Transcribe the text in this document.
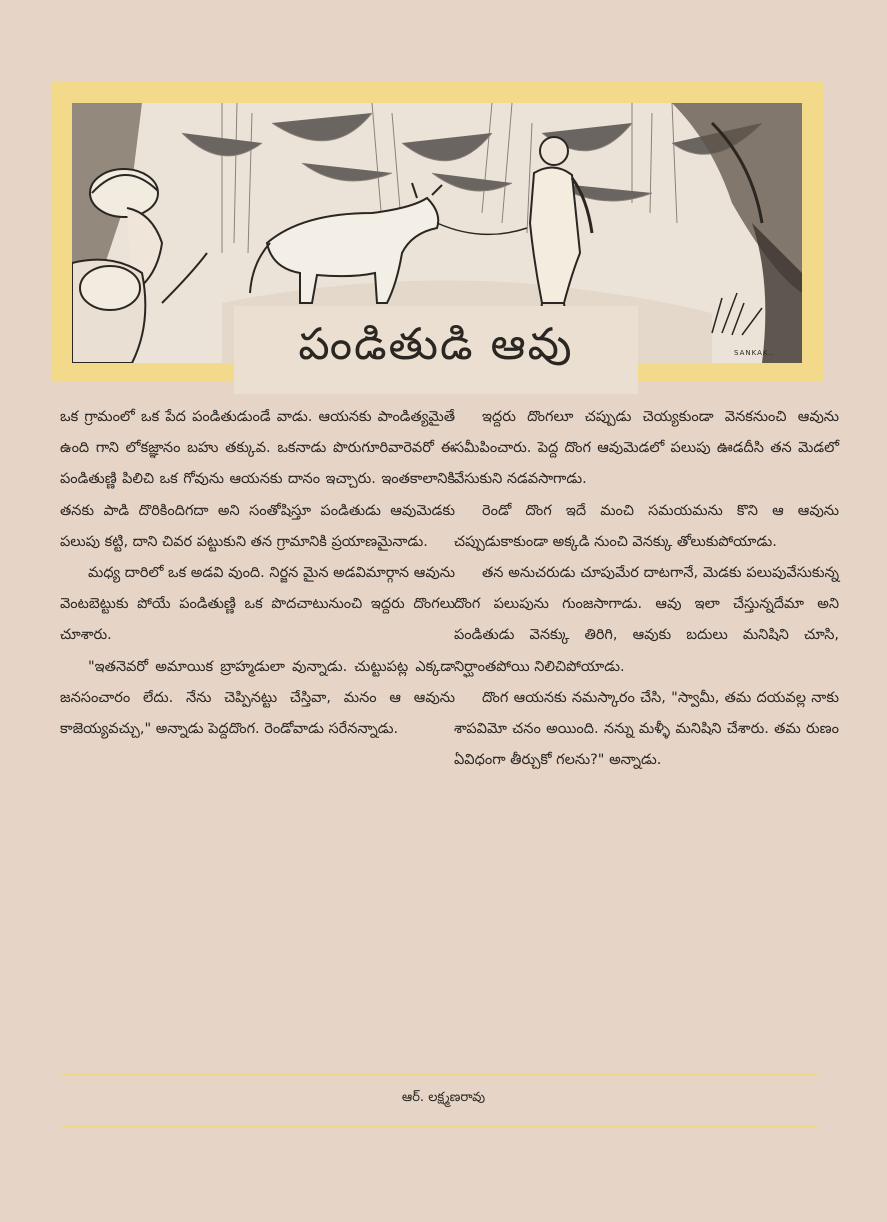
పండితుడి ఆవు	SANKAK..

ఒక గ్రామంలో ఒక పేద పండితుడుండే వాడు. ఆయనకు పాండిత్యమైతే ఉంది గాని లోకజ్ఞానం బహు తక్కువ. ఒకనాడు పొరుగూరివారెవరో ఈ పండితుణ్ణి పిలిచి ఒక గోవును ఆయనకు దానం ఇచ్చారు. ఇంతకాలానికి తనకు పాడి దొరికిందిగదా అని సంతోషిస్తూ పండితుడు ఆవుమెడకు పలుపు కట్టి, దాని చివర పట్టుకుని తన గ్రామానికి ప్రయాణమైనాడు.

మధ్య దారిలో ఒక అడవి వుంది. నిర్జన మైన అడవిమార్గాన ఆవును వెంటబెట్టుకు పోయే పండితుణ్ణి ఒక పొదచాటునుంచి ఇద్దరు దొంగలు చూశారు.

"ఇతనెవరో అమాయిక బ్రాహ్మడులా వున్నాడు. చుట్టుపట్ల ఎక్కడా జనసంచారం లేదు. నేను చెప్పినట్టు చేస్తివా, మనం ఆ ఆవును కాజెయ్యవచ్చు," అన్నాడు పెద్దదొంగ. రెండోవాడు సరేనన్నాడు.

ఇద్దరు దొంగలూ చప్పుడు చెయ్యకుండా వెనకనుంచి ఆవును సమీపించారు. పెద్ద దొంగ ఆవుమెడలో పలుపు ఊడదీసి తన మెడలో వేసుకుని నడవసాగాడు.

రెండో దొంగ ఇదే మంచి సమయమను కొని ఆ ఆవును చప్పుడుకాకుండా అక్కడి నుంచి వెనక్కు తోలుకుపోయాడు.

తన అనుచరుడు చూపుమేర దాటగానే, మెడకు పలుపువేసుకున్న దొంగ పలుపును గుంజసాగాడు. ఆవు ఇలా చేస్తున్నదేమా అని పండితుడు వెనక్కు తిరిగి, ఆవుకు బదులు మనిషిని చూసి, నిర్ఘాంతపోయి నిలిచిపోయాడు.

దొంగ ఆయనకు నమస్కారం చేసి, "స్వామీ, తమ దయవల్ల నాకు శాపవిమో చనం అయింది. నన్ను మళ్ళీ మనిషిని చేశారు. తమ రుణం ఏవిధంగా తీర్చుకో గలను?" అన్నాడు.

ఆర్. లక్ష్మణరావు
